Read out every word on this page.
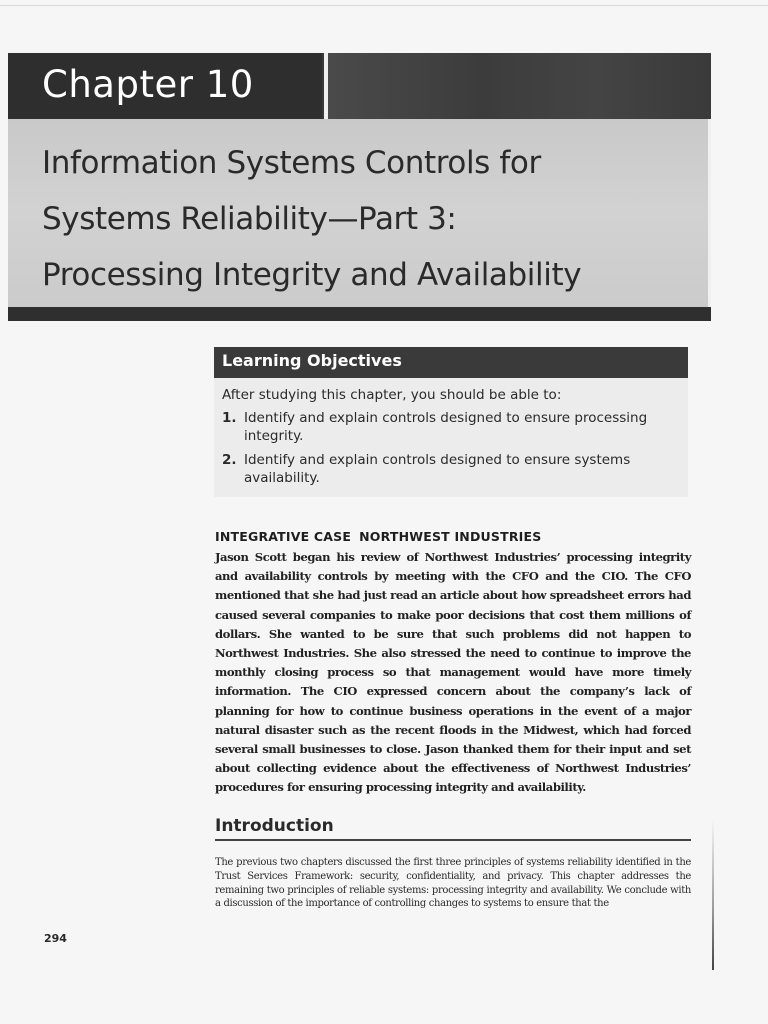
Chapter 10
Information Systems Controls for
Systems Reliability—Part 3:
Processing Integrity and Availability
Learning Objectives
After studying this chapter, you should be able to:
1. Identify and explain controls designed to ensure processing integrity.
2. Identify and explain controls designed to ensure systems availability.
INTEGRATIVE CASE NORTHWEST INDUSTRIES
Jason Scott began his review of Northwest Industries’ processing integrity and availability controls by meeting with the CFO and the CIO. The CFO mentioned that she had just read an article about how spreadsheet errors had caused several companies to make poor decisions that cost them millions of dollars. She wanted to be sure that such problems did not happen to Northwest Industries. She also stressed the need to continue to improve the monthly closing process so that management would have more timely information. The CIO expressed concern about the company’s lack of planning for how to continue business operations in the event of a major natural disaster such as the recent floods in the Midwest, which had forced several small businesses to close. Jason thanked them for their input and set about collecting evidence about the effectiveness of Northwest Industries’ procedures for ensuring processing integrity and availability.
Introduction
The previous two chapters discussed the first three principles of systems reliability identified in the Trust Services Framework: security, confidentiality, and privacy. This chapter addresses the remaining two principles of reliable systems: processing integrity and availability. We conclude with a discussion of the importance of controlling changes to systems to ensure that the
294
